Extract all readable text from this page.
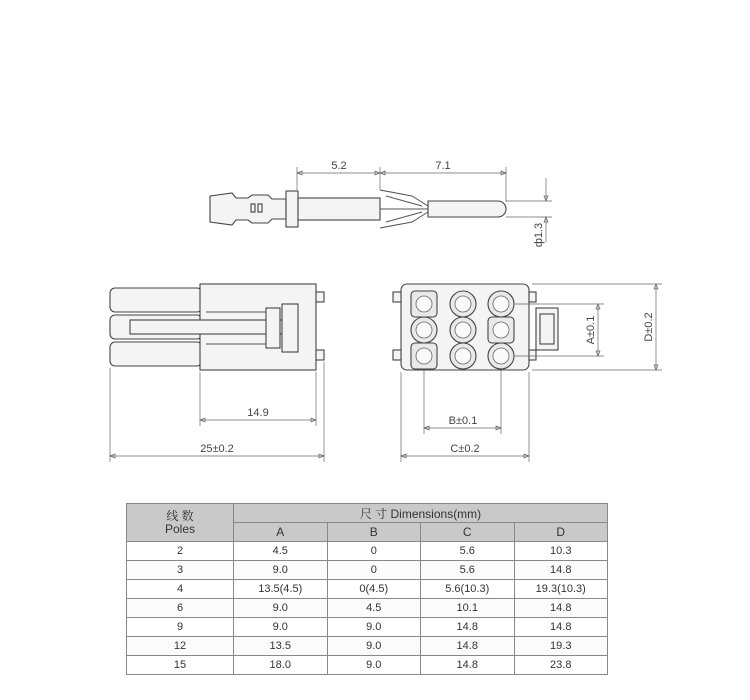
5.2	7.1
ф1.3
14.9
25±0.2
A±0.1	D±0.2
B±0.1
C±0.2
线 数
Poles	尺 寸 Dimensions(mm)			
	A	B	C	D
2	4.5	0	5.6	10.3
3	9.0	0	5.6	14.8
4	13.5(4.5)	0(4.5)	5.6(10.3)	19.3(10.3)
6	9.0	4.5	10.1	14.8
9	9.0	9.0	14.8	14.8
12	13.5	9.0	14.8	19.3
15	18.0	9.0	14.8	23.8
